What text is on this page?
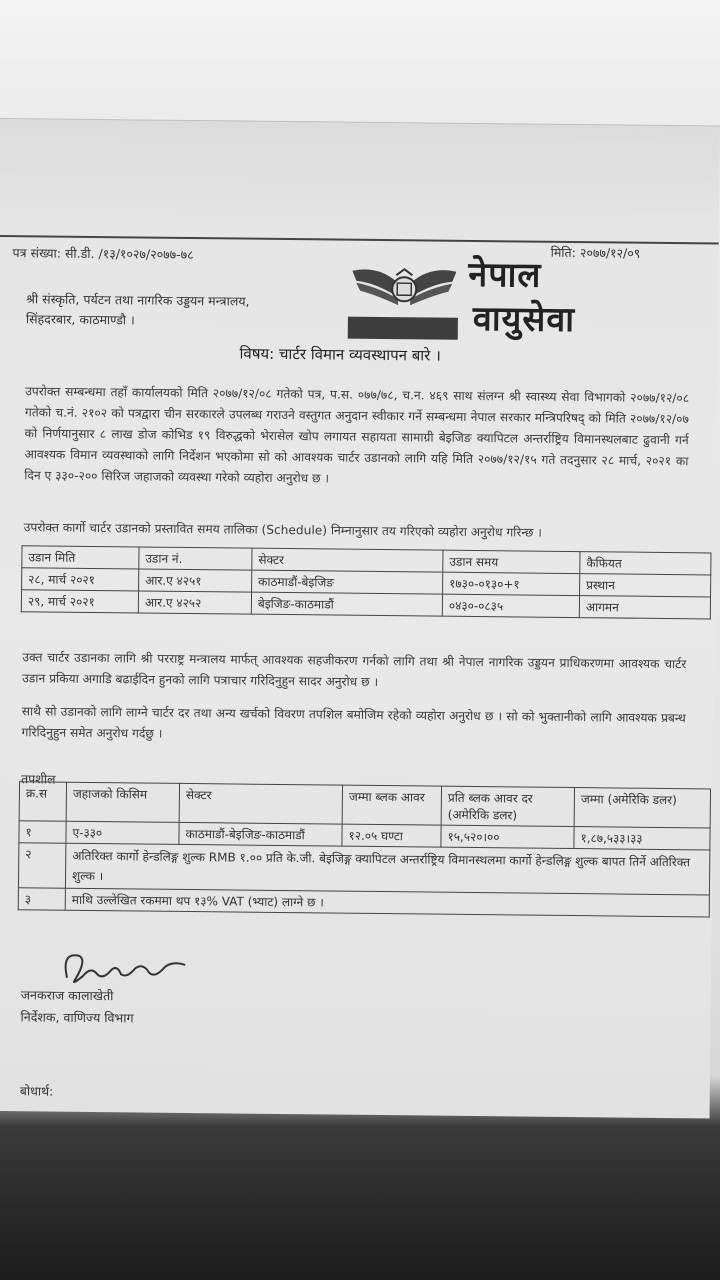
नेपाल
वायुसेवा
पत्र संख्या: सी.डी. /१३/१०२७/२०७७-७८	मिति: २०७७/१२/०९
श्री संस्कृति, पर्यटन तथा नागरिक उड्डयन मन्त्रालय,
सिंहदरबार, काठमाण्डौ ।
विषय: चार्टर विमान व्यवस्थापन बारे ।
उपरोक्त सम्बन्धमा तहाँ कार्यालयको मिति २०७७/१२/०८ गतेको पत्र, प.स. ०७७/७८, च.न. ४६९ साथ संलग्न श्री स्वास्थ्य सेवा विभागको २०७७/१२/०८ गतेको च.नं. २१०२ को पत्रद्वारा चीन सरकारले उपलब्ध गराउने वस्तुगत अनुदान स्वीकार गर्ने सम्बन्धमा नेपाल सरकार मन्त्रिपरिषद् को मिति २०७७/१२/०७ को निर्णयानुसार ८ लाख डोज कोभिड १९ विरुद्धको भेरासेल खोप लगायत सहायता सामाग्री बेइजिङ क्यापिटल अन्तर्राष्ट्रिय विमानस्थलबाट ढुवानी गर्न आवश्यक विमान व्यवस्थाको लागि निर्देशन भएकोमा सो को आवश्यक चार्टर उडानको लागि यहि मिति २०७७/१२/१५ गते तदनुसार २८ मार्च, २०२१ का दिन ए ३३०-२०० सिरिज जहाजको व्यवस्था गरेको व्यहोरा अनुरोध छ ।
उपरोक्त कार्गो चार्टर उडानको प्रस्तावित समय तालिका (Schedule) निम्नानुसार तय गरिएको व्यहोरा अनुरोध गरिन्छ ।
उडान मिति	उडान नं.	सेक्टर	उडान समय	कैफियत
२८, मार्च २०२१	आर.ए ४२५१	काठमाडौं-बेइजिङ	१७३०-०१३०+१	प्रस्थान
२९, मार्च २०२१	आर.ए ४२५२	बेइजिङ-काठमाडौं	०४३०-०८३५	आगमन
उक्त चार्टर उडानका लागि श्री परराष्ट्र मन्त्रालय मार्फत् आवश्यक सहजीकरण गर्नको लागि तथा श्री नेपाल नागरिक उड्डयन प्राधिकरणमा आवश्यक चार्टर उडान प्रकिया अगाडि बढाईदिन हुनको लागि पत्राचार गरिदिनुहुन सादर अनुरोध छ ।
साथै सो उडानको लागि लाग्ने चार्टर दर तथा अन्य खर्चको विवरण तपशिल बमोजिम रहेको व्यहोरा अनुरोध छ । सो को भुक्तानीको लागि आवश्यक प्रबन्ध गरिदिनुहुन समेत अनुरोध गर्दछु ।
तपशील
क्र.स	जहाजको किसिम	सेक्टर	जम्मा ब्लक आवर	प्रति ब्लक आवर दर (अमेरिकि डलर)	जम्मा (अमेरिकि डलर)
१	ए-३३०	काठमाडौं-बेइजिङ-काठमाडौं	१२.०५ घण्टा	१५,५२०।००	१,८७,५३३।३३
२	अतिरिक्त कार्गो हेन्डलिङ्ग शुल्क RMB १.०० प्रति के.जी. बेइजिङ्ग क्यापिटल अन्तर्राष्ट्रिय विमानस्थलमा कार्गो हेन्डलिङ्ग शुल्क बापत तिर्ने अतिरिक्त शुल्क ।				
३	माथि उल्लेखित रकममा थप १३% VAT (भ्याट) लाग्ने छ ।				
जनकराज कालाखेती
निर्देशक, वाणिज्य विभाग
बोधार्थ:
